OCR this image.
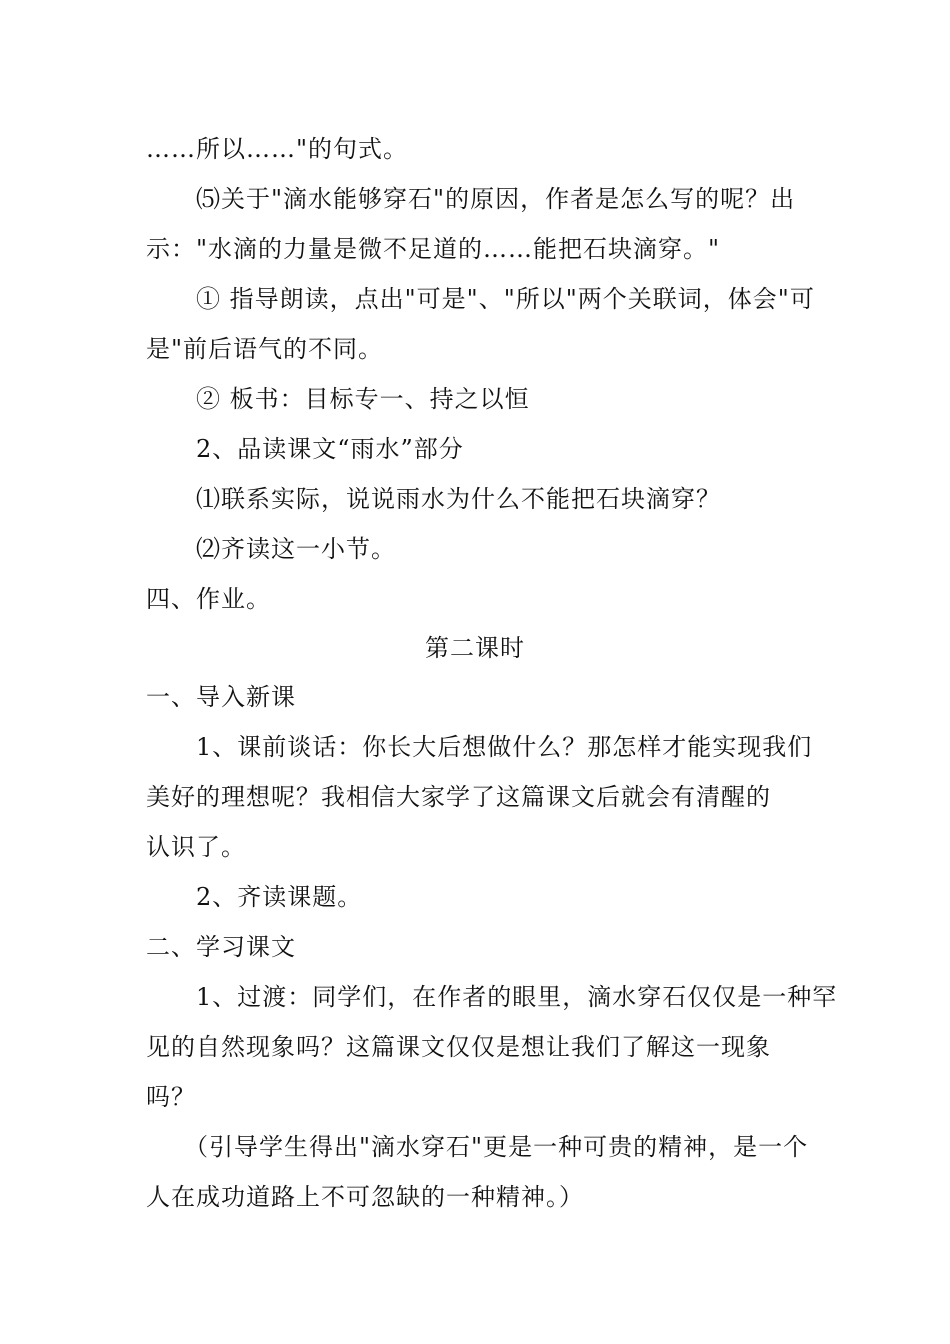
……所以……"的句式。
⑸关于"滴水能够穿石"的原因，作者是怎么写的呢？出
示："水滴的力量是微不足道的……能把石块滴穿。"
① 指导朗读，点出"可是"、"所以"两个关联词，体会"可
是"前后语气的不同。
② 板书：目标专一、持之以恒
2、品读课文“雨水”部分
⑴联系实际，说说雨水为什么不能把石块滴穿？
⑵齐读这一小节。
四、作业。
第二课时
一、导入新课
1、课前谈话：你长大后想做什么？那怎样才能实现我们
美好的理想呢？我相信大家学了这篇课文后就会有清醒的
认识了。
2、齐读课题。
二、学习课文
1、过渡：同学们，在作者的眼里，滴水穿石仅仅是一种罕
见的自然现象吗？这篇课文仅仅是想让我们了解这一现象
吗？
（引导学生得出"滴水穿石"更是一种可贵的精神，是一个
人在成功道路上不可忽缺的一种精神。）
